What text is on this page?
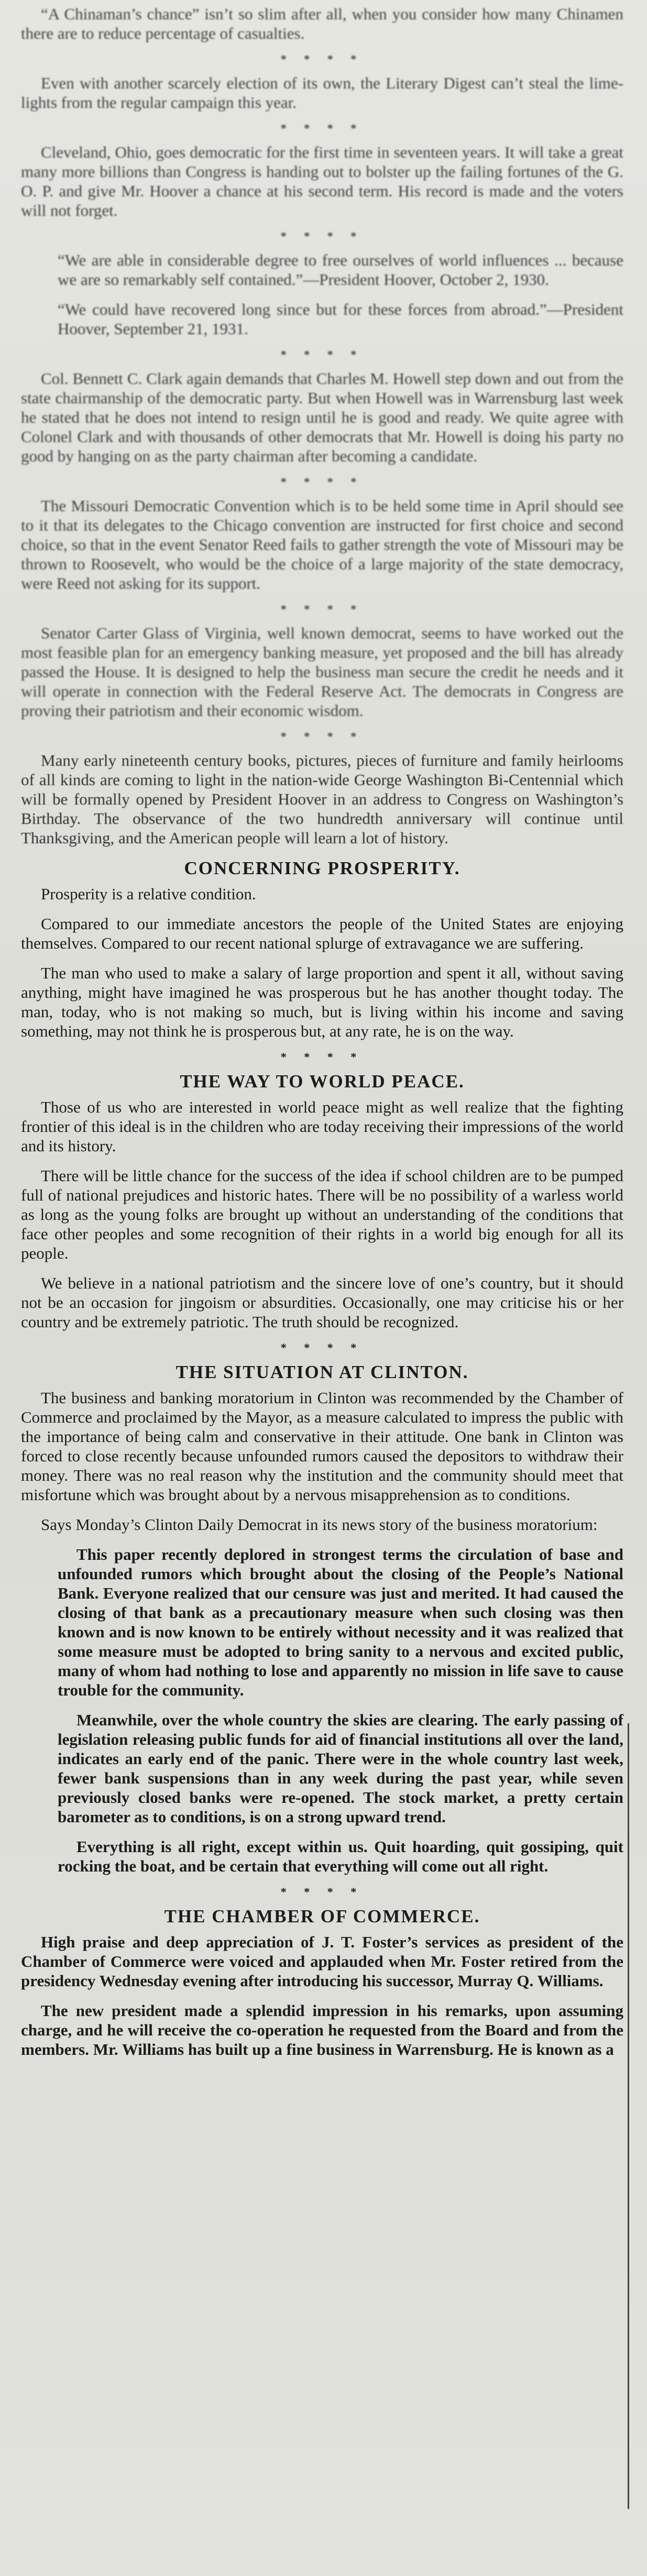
“A Chinaman’s chance” isn’t so slim after all, when you consider how many Chinamen there are to reduce percentage of casualties.

* * * *

Even with another scarcely election of its own, the Literary Digest can’t steal the lime-lights from the regular campaign this year.

* * * *

Cleveland, Ohio, goes democratic for the first time in seventeen years. It will take a great many more billions than Congress is handing out to bolster up the failing fortunes of the G. O. P. and give Mr. Hoover a chance at his second term. His record is made and the voters will not forget.

* * * *

“We are able in considerable degree to free ourselves of world influences ... because we are so remarkably self contained.”—President Hoover, October 2, 1930.

“We could have recovered long since but for these forces from abroad.”—President Hoover, September 21, 1931.

* * * *

Col. Bennett C. Clark again demands that Charles M. Howell step down and out from the state chairmanship of the democratic party. But when Howell was in Warrensburg last week he stated that he does not intend to resign until he is good and ready. We quite agree with Colonel Clark and with thousands of other democrats that Mr. Howell is doing his party no good by hanging on as the party chairman after becoming a candidate.

* * * *

The Missouri Democratic Convention which is to be held some time in April should see to it that its delegates to the Chicago convention are instructed for first choice and second choice, so that in the event Senator Reed fails to gather strength the vote of Missouri may be thrown to Roosevelt, who would be the choice of a large majority of the state democracy, were Reed not asking for its support.

* * * *

Senator Carter Glass of Virginia, well known democrat, seems to have worked out the most feasible plan for an emergency banking measure, yet proposed and the bill has already passed the House. It is designed to help the business man secure the credit he needs and it will operate in connection with the Federal Reserve Act. The democrats in Congress are proving their patriotism and their economic wisdom.

* * * *

Many early nineteenth century books, pictures, pieces of furniture and family heirlooms of all kinds are coming to light in the nation-wide George Washington Bi-Centennial which will be formally opened by President Hoover in an address to Congress on Washington’s Birthday. The observance of the two hundredth anniversary will continue until Thanksgiving, and the American people will learn a lot of history.

CONCERNING PROSPERITY.

Prosperity is a relative condition.

Compared to our immediate ancestors the people of the United States are enjoying themselves. Compared to our recent national splurge of extravagance we are suffering.

The man who used to make a salary of large proportion and spent it all, without saving anything, might have imagined he was prosperous but he has another thought today. The man, today, who is not making so much, but is living within his income and saving something, may not think he is prosperous but, at any rate, he is on the way.

* * * *
THE WAY TO WORLD PEACE.

Those of us who are interested in world peace might as well realize that the fighting frontier of this ideal is in the children who are today receiving their impressions of the world and its history.

There will be little chance for the success of the idea if school children are to be pumped full of national prejudices and historic hates. There will be no possibility of a warless world as long as the young folks are brought up without an understanding of the conditions that face other peoples and some recognition of their rights in a world big enough for all its people.

We believe in a national patriotism and the sincere love of one’s country, but it should not be an occasion for jingoism or absurdities. Occasionally, one may criticise his or her country and be extremely patriotic. The truth should be recognized.

* * * *
THE SITUATION AT CLINTON.

The business and banking moratorium in Clinton was recommended by the Chamber of Commerce and proclaimed by the Mayor, as a measure calculated to impress the public with the importance of being calm and conservative in their attitude. One bank in Clinton was forced to close recently because unfounded rumors caused the depositors to withdraw their money. There was no real reason why the institution and the community should meet that misfortune which was brought about by a nervous misapprehension as to conditions.

Says Monday’s Clinton Daily Democrat in its news story of the business moratorium:

This paper recently deplored in strongest terms the circulation of base and unfounded rumors which brought about the closing of the People’s National Bank. Everyone realized that our censure was just and merited. It had caused the closing of that bank as a precautionary measure when such closing was then known and is now known to be entirely without necessity and it was realized that some measure must be adopted to bring sanity to a nervous and excited public, many of whom had nothing to lose and apparently no mission in life save to cause trouble for the community.

Meanwhile, over the whole country the skies are clearing. The early passing of legislation releasing public funds for aid of financial institutions all over the land, indicates an early end of the panic. There were in the whole country last week, fewer bank suspensions than in any week during the past year, while seven previously closed banks were re-opened. The stock market, a pretty certain barometer as to conditions, is on a strong upward trend.

Everything is all right, except within us. Quit hoarding, quit gossiping, quit rocking the boat, and be certain that everything will come out all right.

* * * *
THE CHAMBER OF COMMERCE.

High praise and deep appreciation of J. T. Foster’s services as president of the Chamber of Commerce were voiced and applauded when Mr. Foster retired from the presidency Wednesday evening after introducing his successor, Murray Q. Williams.

The new president made a splendid impression in his remarks, upon assuming charge, and he will receive the co-operation he requested from the Board and from the members. Mr. Williams has built up a fine business in Warrensburg. He is known as a
